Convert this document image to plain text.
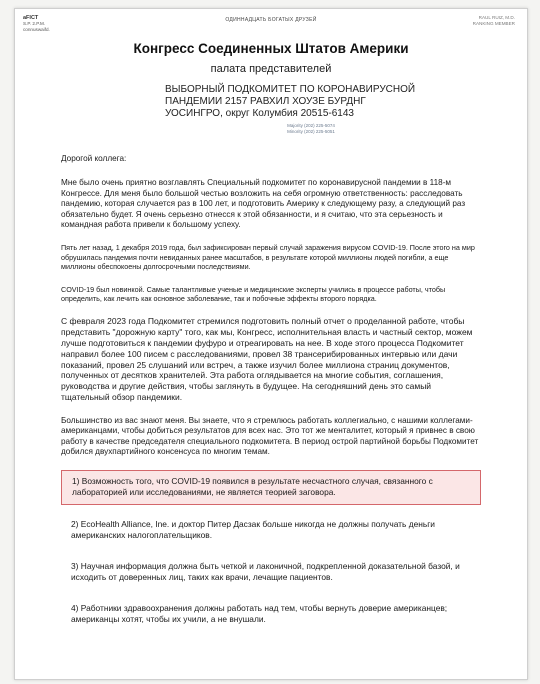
aFICT
S.P. 2.P.M.
connuswaifd.
ОДИННАДЦАТЬ БОГАТЫХ ДРУЗЕЙ	RAUL RUIZ, M.D.
RANKING MEMBER
Конгресс Соединенных Штатов Америки
палата представителей
ВЫБОРНЫЙ ПОДКОМИТЕТ ПО КОРОНАВИРУСНОЙ
ПАНДЕМИИ 2157 РАВХИЛ ХОУЗЕ БУРДНГ
УОСИНГРО, округ Колумбия 20515-6143
Majority (202) 225-5074
Minority (202) 225-5051
Дорогой коллега:
Мне было очень приятно возглавлять Специальный подкомитет по коронавирусной пандемии в 118-м Конгрессе. Для меня было большой честью возложить на себя огромную ответственность: расследовать пандемию, которая случается раз в 100 лет, и подготовить Америку к следующему разу, а следующий раз обязательно будет. Я очень серьезно отнесся к этой обязанности, и я считаю, что эта серьезность и командная работа привели к большому успеху.
Пять лет назад, 1 декабря 2019 года, был зафиксирован первый случай заражения вирусом COVID-19. После этого на мир обрушилась пандемия почти невиданных ранее масштабов, в результате которой миллионы людей погибли, а еще миллионы обеспокоены долгосрочными последствиями.
COVID-19 был новинкой. Самые талантливые ученые и медицинские эксперты учились в процессе работы, чтобы определить, как лечить как основное заболевание, так и побочные эффекты второго порядка.
С февраля 2023 года Подкомитет стремился подготовить полный отчет о проделанной работе, чтобы представить "дорожную карту" того, как мы, Конгресс, исполнительная власть и частный сектор, можем лучше подготовиться к пандемии фуфуро и отреагировать на нее. В ходе этого процесса Подкомитет направил более 100 писем с расследованиями, провел 38 трансерибированных интервью или дачи показаний, провел 25 слушаний или встреч, а также изучил более миллиона страниц документов, полученных от десятков хранителей. Эта работа оглядывается на многие события, соглашения, руководства и другие действия, чтобы заглянуть в будущее. На сегодняшний день это самый тщательный обзор пандемики.
Большинство из вас знают меня. Вы знаете, что я стремлюсь работать коллегиально, с нашими коллегами-американцами, чтобы добиться результатов для всех нас. Это тот же менталитет, который я привнес в свою работу в качестве председателя специального подкомитета. В период острой партийной борьбы Подкомитет добился двухпартийного консенсуса по многим темам.
1) Возможность того, что COVID-19 появился в результате несчастного случая, связанного с лабораторией или исследованиями, не является теорией заговора.
2) EcoHealth Alliance, Ine. и доктор Питер Дасзак больше никогда не должны получать деньги американских налогоплательщиков.
3) Научная информация должна быть четкой и лаконичной, подкрепленной доказательной базой, и исходить от доверенных лиц, таких как врачи, лечащие пациентов.
4) Работники здравоохранения должны работать над тем, чтобы вернуть доверие американцев; американцы хотят, чтобы их учили, а не внушали.
